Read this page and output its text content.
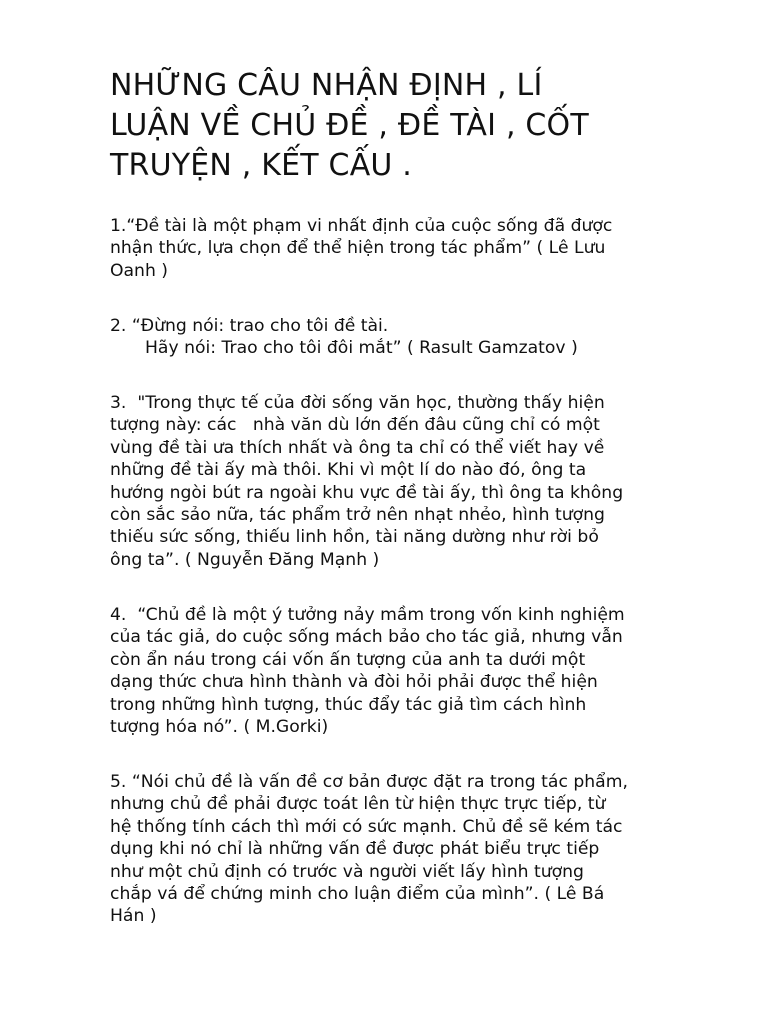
NHỮNG CÂU NHẬN ĐỊNH , LÍ
LUẬN VỀ CHỦ ĐỀ , ĐỀ TÀI , CỐT
TRUYỆN , KẾT CẤU .

1.“Đề tài là một phạm vi nhất định của cuộc sống đã được
nhận thức, lựa chọn để thể hiện trong tác phẩm” ( Lê Lưu
Oanh )

2. “Đừng nói: trao cho tôi đề tài.
Hãy nói: Trao cho tôi đôi mắt” ( Rasult Gamzatov )

3.  "Trong thực tế của đời sống văn học, thường thấy hiện
tượng này: các   nhà văn dù lớn đến đâu cũng chỉ có một
vùng đề tài ưa thích nhất và ông ta chỉ có thể viết hay về
những đề tài ấy mà thôi. Khi vì một lí do nào đó, ông ta
hướng ngòi bút ra ngoài khu vực đề tài ấy, thì ông ta không
còn sắc sảo nữa, tác phẩm trở nên nhạt nhẻo, hình tượng
thiếu sức sống, thiếu linh hồn, tài năng dường như rời bỏ
ông ta”. ( Nguyễn Đăng Mạnh )

4.  “Chủ đề là một ý tưởng nảy mầm trong vốn kinh nghiệm
của tác giả, do cuộc sống mách bảo cho tác giả, nhưng vẫn
còn ẩn náu trong cái vốn ấn tượng của anh ta dưới một
dạng thức chưa hình thành và đòi hỏi phải được thể hiện
trong những hình tượng, thúc đẩy tác giả tìm cách hình
tượng hóa nó”. ( M.Gorki)

5. “Nói chủ đề là vấn đề cơ bản được đặt ra trong tác phẩm,
nhưng chủ đề phải được toát lên từ hiện thực trực tiếp, từ
hệ thống tính cách thì mới có sức mạnh. Chủ đề sẽ kém tác
dụng khi nó chỉ là những vấn đề được phát biểu trực tiếp
như một chủ định có trước và người viết lấy hình tượng
chắp vá để chứng minh cho luận điểm của mình”. ( Lê Bá
Hán )
